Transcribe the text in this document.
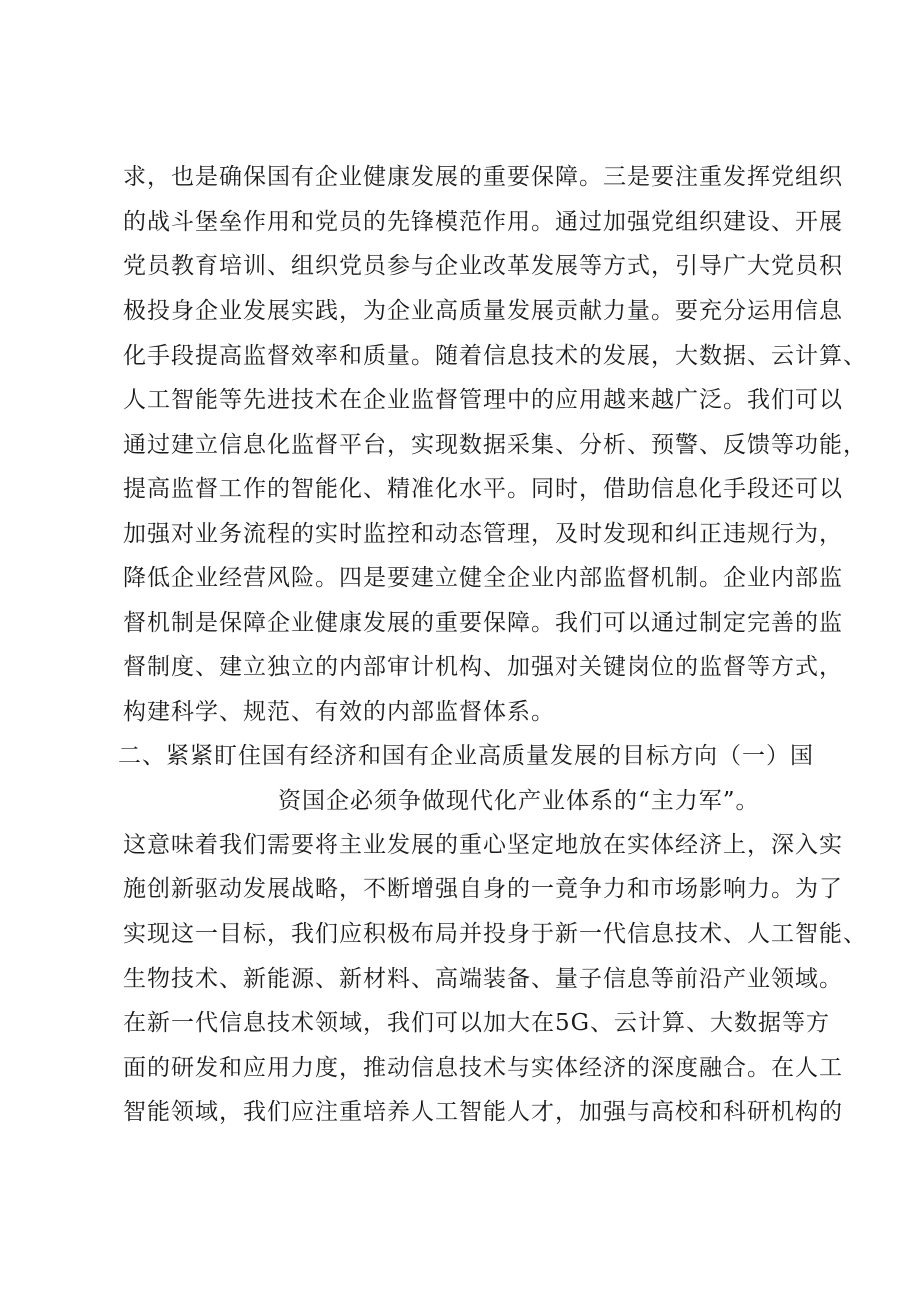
求，也是确保国有企业健康发展的重要保障。三是要注重发挥党组织
的战斗堡垒作用和党员的先锋模范作用。通过加强党组织建设、开展
党员教育培训、组织党员参与企业改革发展等方式，引导广大党员积
极投身企业发展实践，为企业高质量发展贡献力量。要充分运用信息
化手段提高监督效率和质量。随着信息技术的发展，大数据、云计算、
人工智能等先进技术在企业监督管理中的应用越来越广泛。我们可以
通过建立信息化监督平台，实现数据采集、分析、预警、反馈等功能，
提高监督工作的智能化、精准化水平。同时，借助信息化手段还可以
加强对业务流程的实时监控和动态管理，及时发现和纠正违规行为，
降低企业经营风险。四是要建立健全企业内部监督机制。企业内部监
督机制是保障企业健康发展的重要保障。我们可以通过制定完善的监
督制度、建立独立的内部审计机构、加强对关键岗位的监督等方式，
构建科学、规范、有效的内部监督体系。
二、紧紧盯住国有经济和国有企业高质量发展的目标方向（一）国
资国企必须争做现代化产业体系的“主力军”。
这意味着我们需要将主业发展的重心坚定地放在实体经济上，深入实
施创新驱动发展战略，不断增强自身的一竟争力和市场影响力。为了
实现这一目标，我们应积极布局并投身于新一代信息技术、人工智能、
生物技术、新能源、新材料、高端装备、量子信息等前沿产业领域。
在新一代信息技术领域，我们可以加大在5G、云计算、大数据等方
面的研发和应用力度，推动信息技术与实体经济的深度融合。在人工
智能领域，我们应注重培养人工智能人才，加强与高校和科研机构的
